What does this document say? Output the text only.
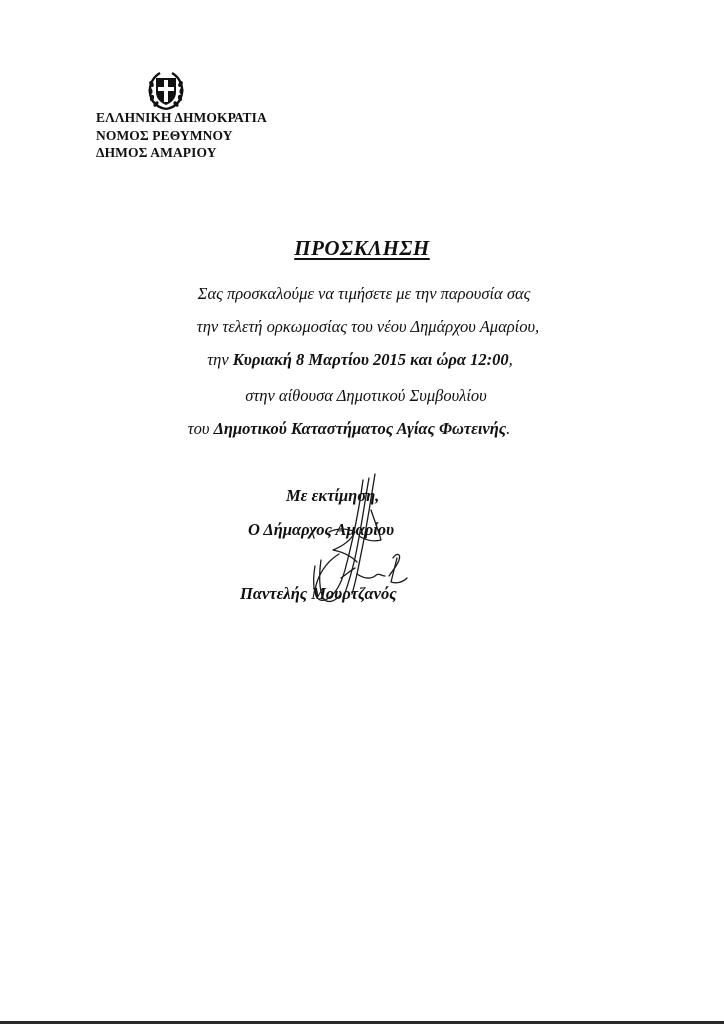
ΕΛΛΗΝΙΚΗ ΔΗΜΟΚΡΑΤΙΑ
ΝΟΜΟΣ ΡΕΘΥΜΝΟΥ
ΔΗΜΟΣ ΑΜΑΡΙΟΥ
ΠΡΟΣΚΛΗΣΗ
Σας προσκαλούμε να τιμήσετε με την παρουσία σας
την τελετή ορκωμοσίας του νέου Δημάρχου Αμαρίου,
την Κυριακή 8 Μαρτίου 2015 και ώρα 12:00,
στην αίθουσα Δημοτικού Συμβουλίου
του Δημοτικού Καταστήματος Αγίας Φωτεινής.
Με εκτίμηση,
Ο Δήμαρχος Αμαρίου
Παντελής Μουρτζανός
